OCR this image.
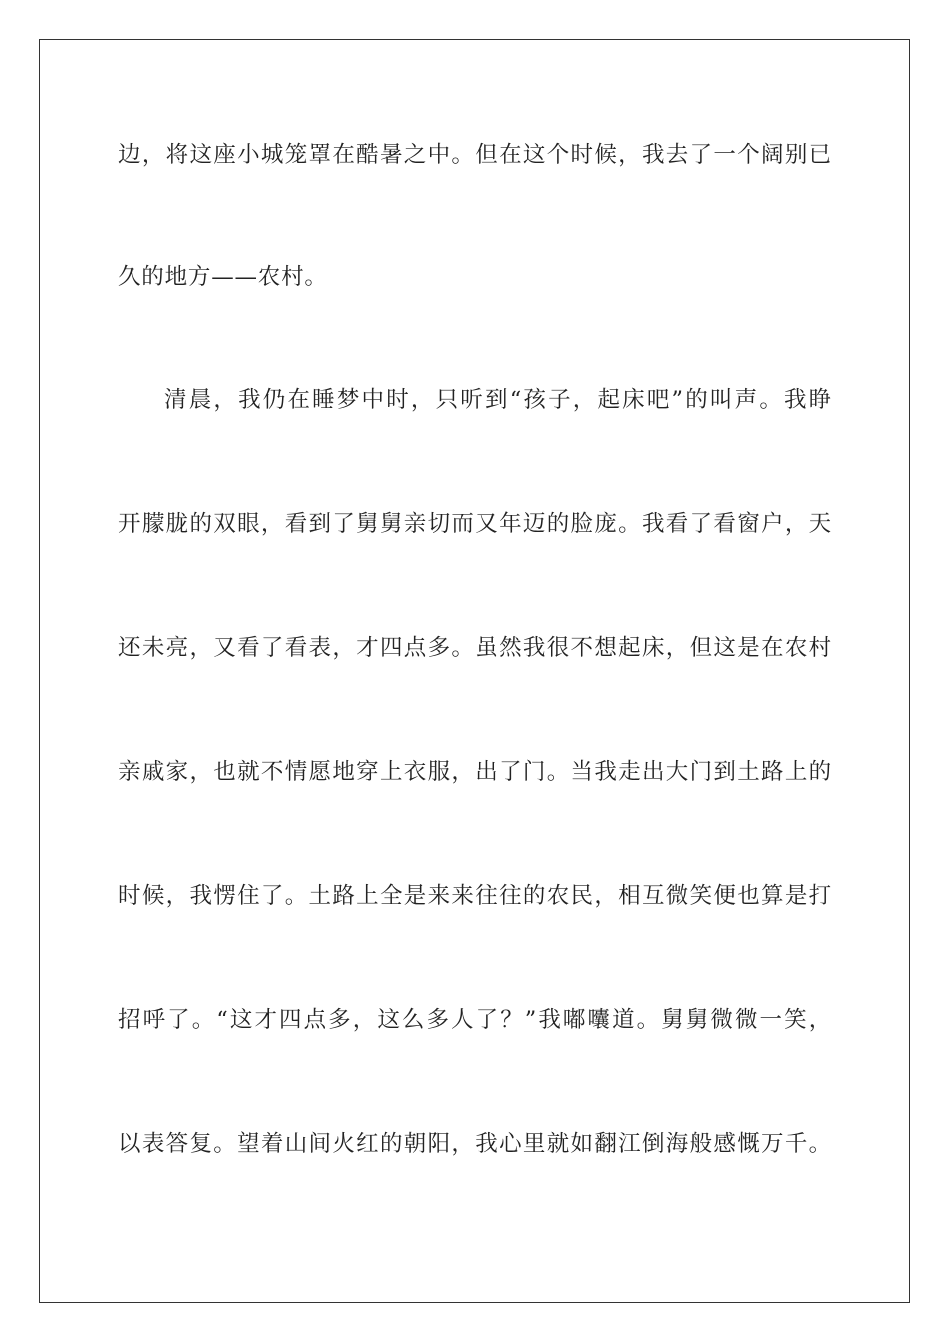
边，将这座小城笼罩在酷暑之中。但在这个时候，我去了一个阔别已
久的地方——农村。
清晨，我仍在睡梦中时，只听到“孩子，起床吧”的叫声。我睁
开朦胧的双眼，看到了舅舅亲切而又年迈的脸庞。我看了看窗户，天
还未亮，又看了看表，才四点多。虽然我很不想起床，但这是在农村
亲戚家，也就不情愿地穿上衣服，出了门。当我走出大门到土路上的
时候，我愣住了。土路上全是来来往往的农民，相互微笑便也算是打
招呼了。“这才四点多，这么多人了？”我嘟囔道。舅舅微微一笑，
以表答复。望着山间火红的朝阳，我心里就如翻江倒海般感慨万千。
